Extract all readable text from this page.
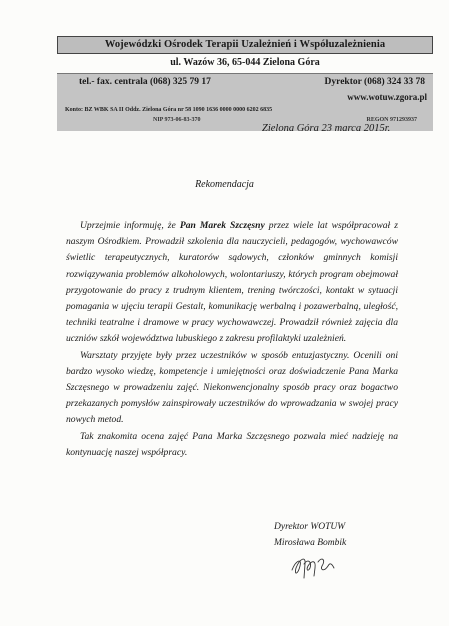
Wojewódzki Ośrodek Terapii Uzależnień i Współuzależnienia
ul. Wazów 36, 65-044 Zielona Góra
tel.- fax. centrala (068) 325 79 17	Dyrektor (068) 324 33 78
www.wotuw.zgora.pl
Konto: BZ WBK SA II Oddz. Zielona Góra nr 58 1090 1636 0000 0000 6202 6835
NIP 973-06-83-370	REGON 971293937
Zielona Góra 23 marca 2015r.
Rekomendacja

Uprzejmie informuję, że Pan Marek Szczęsny przez wiele lat współpracował z naszym Ośrodkiem. Prowadził szkolenia dla nauczycieli, pedagogów, wychowawców świetlic terapeutycznych, kuratorów sądowych, członków gminnych komisji rozwiązywania problemów alkoholowych, wolontariuszy, których program obejmował przygotowanie do pracy z trudnym klientem, trening twórczości, kontakt w sytuacji pomagania w ujęciu terapii Gestalt, komunikację werbalną i pozawerbalną, uległość, techniki teatralne i dramowe w pracy wychowawczej. Prowadził również zajęcia dla uczniów szkół województwa lubuskiego z zakresu profilaktyki uzależnień.

Warsztaty przyjęte były przez uczestników w sposób entuzjastyczny. Ocenili oni bardzo wysoko wiedzę, kompetencje i umiejętności oraz doświadczenie Pana Marka Szczęsnego w prowadzeniu zajęć. Niekonwencjonalny sposób pracy oraz bogactwo przekazanych pomysłów zainspirowały uczestników do wprowadzania w swojej pracy nowych metod.

Tak znakomita ocena zajęć Pana Marka Szczęsnego pozwala mieć nadzieję na kontynuację naszej współpracy.

Dyrektor WOTUW
Mirosława Bombik
